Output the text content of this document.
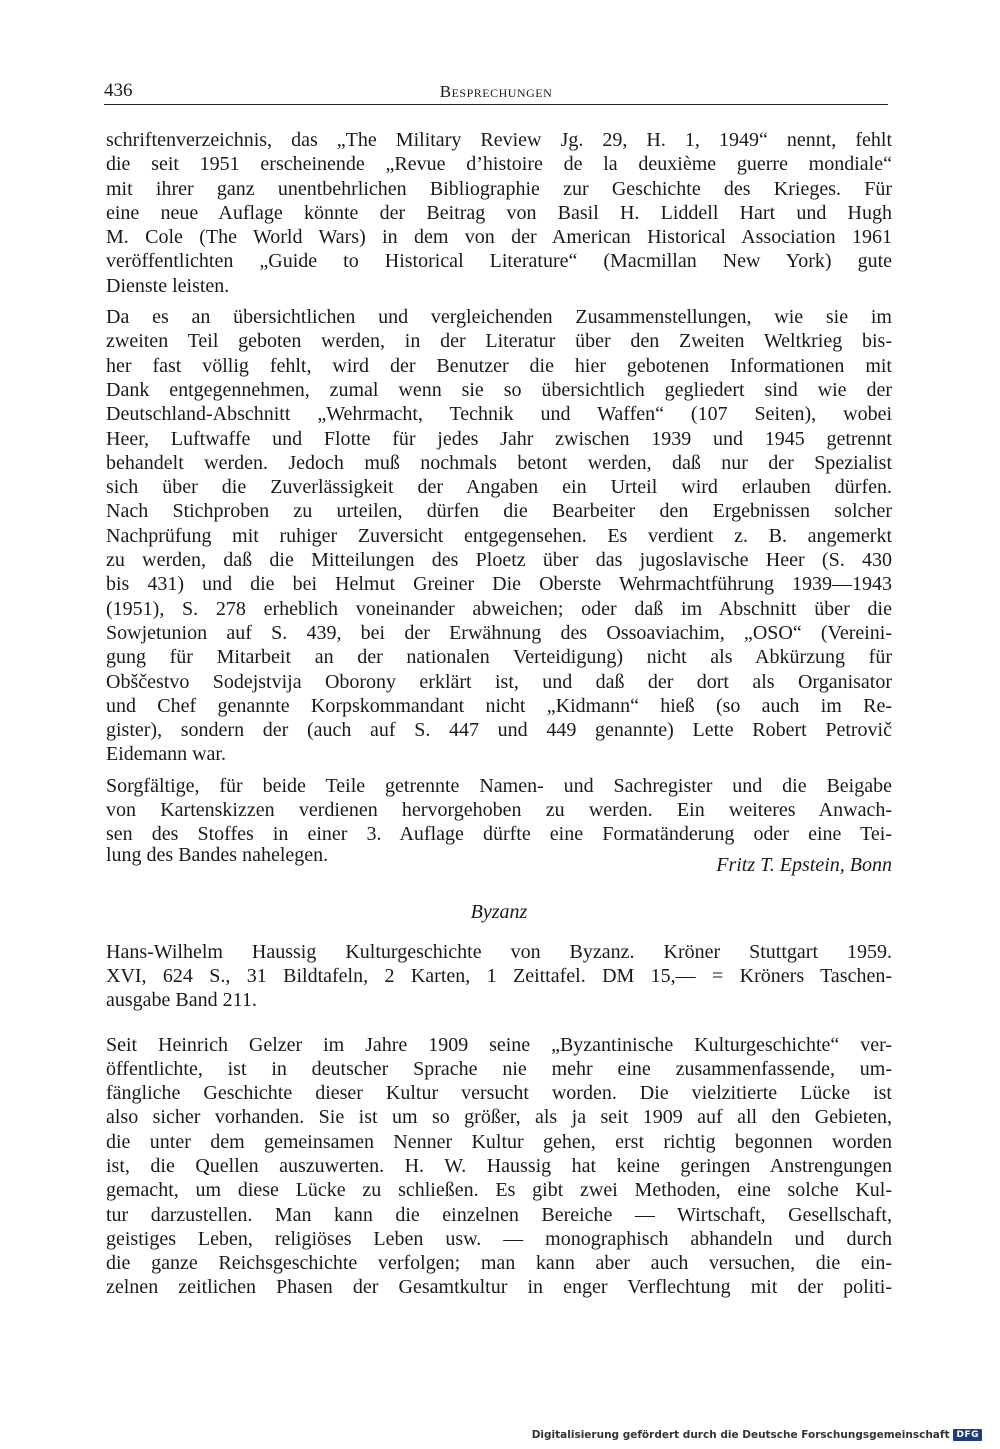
436	Besprechungen
schriftenverzeichnis, das „The Military Review Jg. 29, H. 1, 1949“ nennt, fehlt
die seit 1951 erscheinende „Revue d’histoire de la deuxième guerre mondiale“
mit ihrer ganz unentbehrlichen Bibliographie zur Geschichte des Krieges. Für
eine neue Auflage könnte der Beitrag von Basil H. Liddell Hart und Hugh
M. Cole (The World Wars) in dem von der American Historical Association 1961
veröffentlichten „Guide to Historical Literature“ (Macmillan New York) gute
Dienste leisten.
Da es an übersichtlichen und vergleichenden Zusammenstellungen, wie sie im
zweiten Teil geboten werden, in der Literatur über den Zweiten Weltkrieg bis-
her fast völlig fehlt, wird der Benutzer die hier gebotenen Informationen mit
Dank entgegennehmen, zumal wenn sie so übersichtlich gegliedert sind wie der
Deutschland-Abschnitt „Wehrmacht, Technik und Waffen“ (107 Seiten), wobei
Heer, Luftwaffe und Flotte für jedes Jahr zwischen 1939 und 1945 getrennt
behandelt werden. Jedoch muß nochmals betont werden, daß nur der Spezialist
sich über die Zuverlässigkeit der Angaben ein Urteil wird erlauben dürfen.
Nach Stichproben zu urteilen, dürfen die Bearbeiter den Ergebnissen solcher
Nachprüfung mit ruhiger Zuversicht entgegensehen. Es verdient z. B. angemerkt
zu werden, daß die Mitteilungen des Ploetz über das jugoslavische Heer (S. 430
bis 431) und die bei Helmut Greiner Die Oberste Wehrmachtführung 1939—1943
(1951), S. 278 erheblich voneinander abweichen; oder daß im Abschnitt über die
Sowjetunion auf S. 439, bei der Erwähnung des Ossoaviachim, „OSO“ (Vereini-
gung für Mitarbeit an der nationalen Verteidigung) nicht als Abkürzung für
Obščestvo Sodejstvija Oborony erklärt ist, und daß der dort als Organisator
und Chef genannte Korpskommandant nicht „Kidmann“ hieß (so auch im Re-
gister), sondern der (auch auf S. 447 und 449 genannte) Lette Robert Petrovič
Eidemann war.
Sorgfältige, für beide Teile getrennte Namen- und Sachregister und die Beigabe
von Kartenskizzen verdienen hervorgehoben zu werden. Ein weiteres Anwach-
sen des Stoffes in einer 3. Auflage dürfte eine Formatänderung oder eine Tei-
lung des Bandes nahelegen.	Fritz T. Epstein, Bonn
Byzanz
Hans-Wilhelm Haussig Kulturgeschichte von Byzanz. Kröner Stuttgart 1959.
XVI, 624 S., 31 Bildtafeln, 2 Karten, 1 Zeittafel. DM 15,— = Kröners Taschen-
ausgabe Band 211.
Seit Heinrich Gelzer im Jahre 1909 seine „Byzantinische Kulturgeschichte“ ver-
öffentlichte, ist in deutscher Sprache nie mehr eine zusammenfassende, um-
fängliche Geschichte dieser Kultur versucht worden. Die vielzitierte Lücke ist
also sicher vorhanden. Sie ist um so größer, als ja seit 1909 auf all den Gebieten,
die unter dem gemeinsamen Nenner Kultur gehen, erst richtig begonnen worden
ist, die Quellen auszuwerten. H. W. Haussig hat keine geringen Anstrengungen
gemacht, um diese Lücke zu schließen. Es gibt zwei Methoden, eine solche Kul-
tur darzustellen. Man kann die einzelnen Bereiche — Wirtschaft, Gesellschaft,
geistiges Leben, religiöses Leben usw. — monographisch abhandeln und durch
die ganze Reichsgeschichte verfolgen; man kann aber auch versuchen, die ein-
zelnen zeitlichen Phasen der Gesamtkultur in enger Verflechtung mit der politi-
Digitalisierung gefördert durch die Deutsche Forschungsgemeinschaft DFG
